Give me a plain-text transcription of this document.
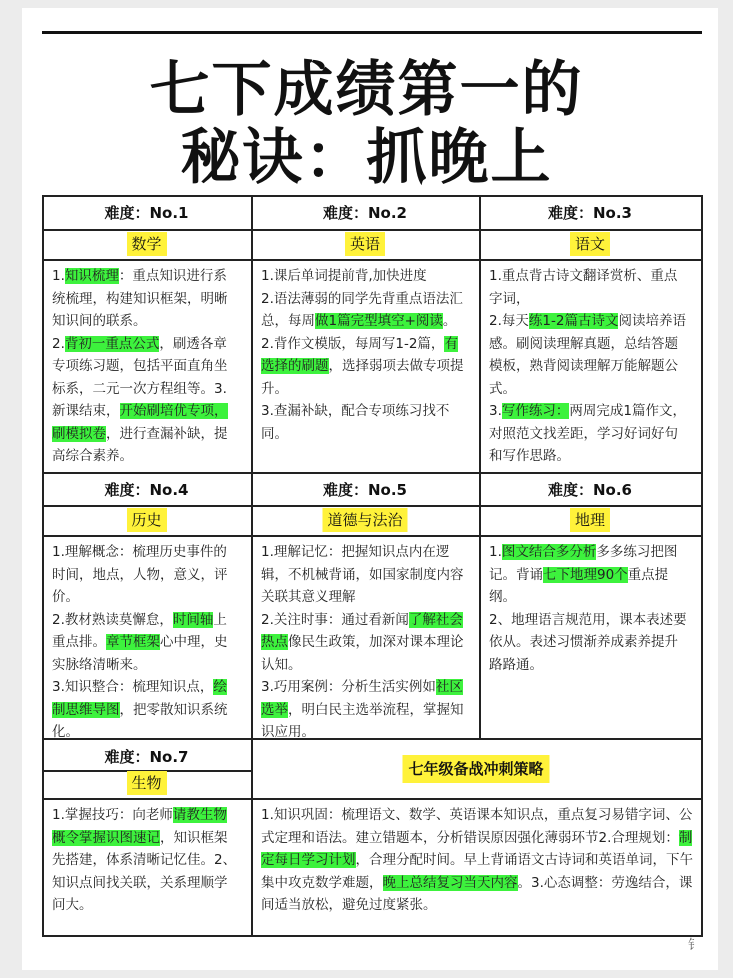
七下成绩第一的
秘诀：抓晚上
难度：No.1
数学
1.知识梳理：重点知识进行系统梳理，构建知识框架，明晰知识间的联系。
2.背初一重点公式，刷透各章专项练习题，包括平面直角坐标系，二元一次方程组等。3.新课结束，开始刷培优专项，刷模拟卷，进行查漏补缺，提高综合素养。
难度：No.2
英语
1.课后单词提前背,加快进度
2.语法薄弱的同学先背重点语法汇总，每周做1篇完型填空+阅读。
2.背作文模版，每周写1-2篇，有选择的刷题，选择弱项去做专项提升。
3.查漏补缺，配合专项练习找不同。
难度：No.3
语文
1.重点背古诗文翻译赏析、重点字词，
2.每天练1-2篇古诗文阅读培养语感。刷阅读理解真题，总结答题模板，熟背阅读理解万能解题公式。
3.写作练习：两周完成1篇作文，对照范文找差距，学习好词好句和写作思路。
难度：No.4
历史
1.理解概念：梳理历史事件的时间，地点，人物，意义，评价。
2.教材熟读莫懈怠，时间轴上重点排。章节框架心中理，史实脉络清晰来。
3.知识整合：梳理知识点，绘制思维导图，把零散知识系统化。
难度：No.5
道德与法治
1.理解记忆：把握知识点内在逻辑，不机械背诵，如国家制度内容关联其意义理解
2.关注时事：通过看新闻了解社会热点像民生政策，加深对课本理论认知。
3.巧用案例：分析生活实例如社区选举，明白民主选举流程，掌握知识应用。
难度：No.6
地理
1.图文结合多分析多多练习把图记。背诵七下地理90个重点提纲。
2、地理语言规范用，课本表述要依从。表述习惯渐养成素养提升路路通。
难度：No.7
生物
1.掌握技巧：向老师请教生物概令掌握识图速记，知识框架先搭建，体系清晰记忆佳。2、知识点间找关联，关系理顺学问大。
七年级备战冲刺策略
1.知识巩固：梳理语文、数学、英语课本知识点，重点复习易错字词、公式定理和语法。建立错题本，分析错误原因强化薄弱环节2.合理规划：制定每日学习计划，合理分配时间。早上背诵语文古诗词和英语单词，下午集中攻克数学难题，晚上总结复习当天内容。3.心态调整：劳逸结合，课间适当放松，避免过度紧张。
钅
